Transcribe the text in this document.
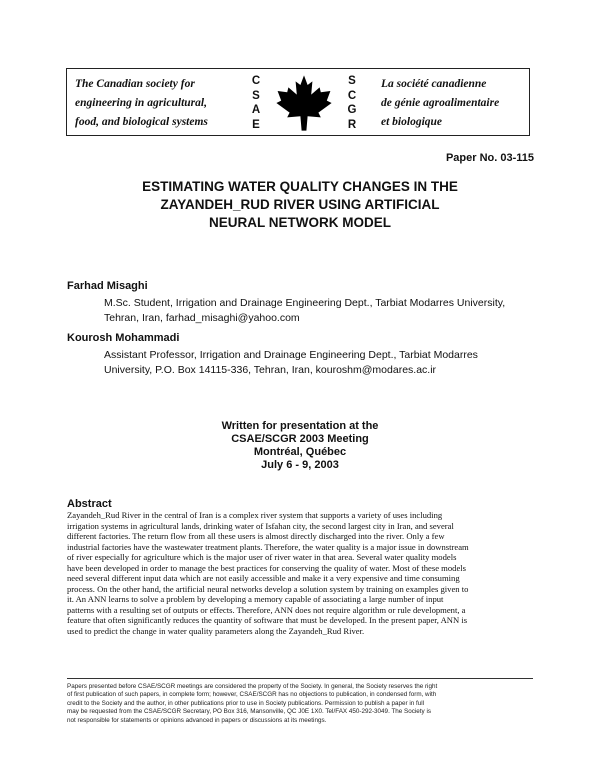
The Canadian society for
engineering in agricultural,
food, and biological systems
C
S
A
E
S
C
G
R
La société canadienne
de génie agroalimentaire
et biologique
Paper No. 03-115
ESTIMATING WATER QUALITY CHANGES IN THE
ZAYANDEH_RUD RIVER USING ARTIFICIAL
NEURAL NETWORK MODEL
Farhad Misaghi
M.Sc. Student, Irrigation and Drainage Engineering Dept., Tarbiat Modarres University,
Tehran, Iran, farhad_misaghi@yahoo.com
Kourosh Mohammadi
Assistant Professor, Irrigation and Drainage Engineering Dept., Tarbiat Modarres
University, P.O. Box 14115-336, Tehran, Iran, kouroshm@modares.ac.ir
Written for presentation at the
CSAE/SCGR 2003 Meeting
Montréal, Québec
July 6 - 9, 2003
Abstract
Zayandeh_Rud River in the central of Iran is a complex river system that supports a variety of uses including
irrigation systems in agricultural lands, drinking water of Isfahan city, the second largest city in Iran, and several
different factories. The return flow from all these users is almost directly discharged into the river. Only a few
industrial factories have the wastewater treatment plants. Therefore, the water quality is a major issue in downstream
of river especially for agriculture which is the major user of river water in that area. Several water quality models
have been developed in order to manage the best practices for conserving the quality of water. Most of these models
need several different input data which are not easily accessible and make it a very expensive and time consuming
process. On the other hand, the artificial neural networks develop a solution system by training on examples given to
it. An ANN learns to solve a problem by developing a memory capable of associating a large number of input
patterns with a resulting set of outputs or effects. Therefore, ANN does not require algorithm or rule development, a
feature that often significantly reduces the quantity of software that must be developed. In the present paper, ANN is
used to predict the change in water quality parameters along the Zayandeh_Rud River.
Papers presented before CSAE/SCGR meetings are considered the property of the Society. In general, the Society reserves the right
of first publication of such papers, in complete form; however, CSAE/SCGR has no objections to publication, in condensed form, with
credit to the Society and the author, in other publications prior to use in Society publications. Permission to publish a paper in full
may be requested from the CSAE/SCGR Secretary, PO Box 316, Mansonville, QC J0E 1X0. Tel/FAX 450-292-3049. The Society is
not responsible for statements or opinions advanced in papers or discussions at its meetings.
